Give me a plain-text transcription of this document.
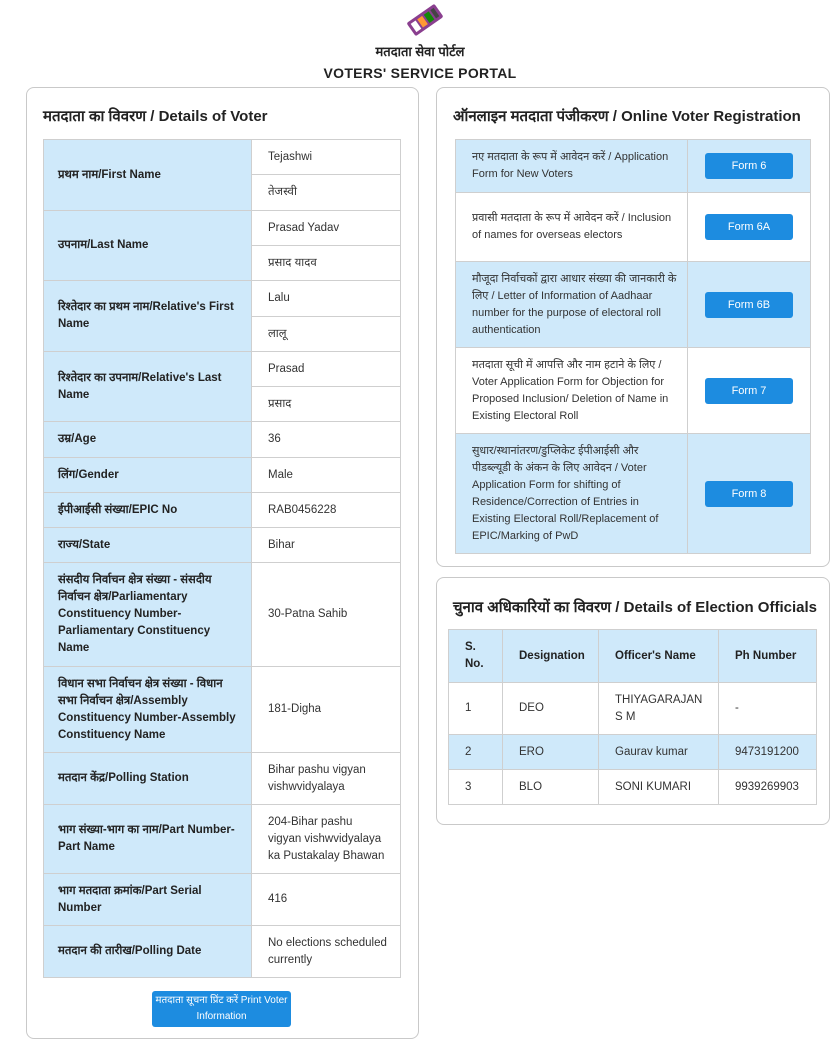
मतदाता सेवा पोर्टल
VOTERS' SERVICE PORTAL
मतदाता का विवरण / Details of Voter
प्रथम नाम/First Name	Tejashwi
	तेजस्वी
उपनाम/Last Name	Prasad Yadav
	प्रसाद यादव
रिश्तेदार का प्रथम नाम/Relative's First Name	Lalu
	लालू
रिश्तेदार का उपनाम/Relative's Last Name	Prasad
	प्रसाद
उम्र/Age	36
लिंग/Gender	Male
ईपीआईसी संख्या/EPIC No	RAB0456228
राज्य/State	Bihar
संसदीय निर्वाचन क्षेत्र संख्या - संसदीय निर्वाचन क्षेत्र/Parliamentary Constituency Number-Parliamentary Constituency Name	30-Patna Sahib
विधान सभा निर्वाचन क्षेत्र संख्या - विधान सभा निर्वाचन क्षेत्र/Assembly Constituency Number-Assembly Constituency Name	181-Digha
मतदान केंद्र/Polling Station	Bihar pashu vigyan vishwvidyalaya
भाग संख्या-भाग का नाम/Part Number-Part Name	204-Bihar pashu vigyan vishwvidyalaya ka Pustakalay Bhawan
भाग मतदाता क्रमांक/Part Serial Number	416
मतदान की तारीख/Polling Date	No elections scheduled currently
मतदाता सूचना प्रिंट करें Print Voter Information
ऑनलाइन मतदाता पंजीकरण / Online Voter Registration
नए मतदाता के रूप में आवेदन करें / Application Form for New Voters	Form 6

प्रवासी मतदाता के रूप में आवेदन करें / Inclusion of names for overseas electors	Form 6A

मौजूदा निर्वाचकों द्वारा आधार संख्या की जानकारी के लिए / Letter of Information of Aadhaar number for the purpose of electoral roll authentication	Form 6B

मतदाता सूची में आपत्ति और नाम हटाने के लिए / Voter Application Form for Objection for Proposed Inclusion/ Deletion of Name in Existing Electoral Roll	Form 7

सुधार/स्थानांतरण/डुप्लिकेट ईपीआईसी और पीडब्ल्यूडी के अंकन के लिए आवेदन / Voter Application Form for shifting of Residence/Correction of Entries in Existing Electoral Roll/Replacement of EPIC/Marking of PwD	Form 8
चुनाव अधिकारियों का विवरण / Details of Election Officials
S. No.	Designation	Officer's Name	Ph Number
1	DEO	THIYAGARAJAN S M	-
2	ERO	Gaurav kumar	9473191200
3	BLO	SONI KUMARI	9939269903
